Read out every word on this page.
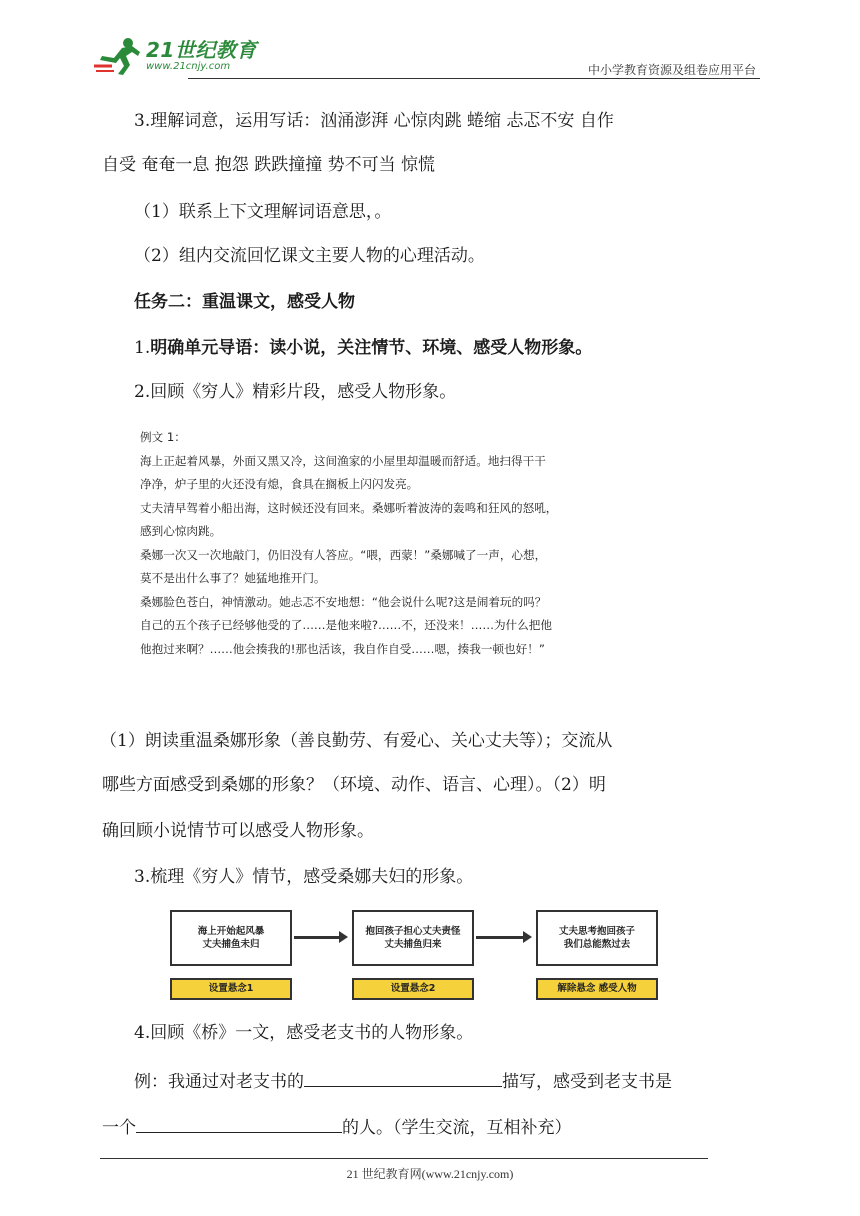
21世纪教育
www.21cnjy.com	中小学教育资源及组卷应用平台
3.理解词意，运用写话：汹涌澎湃 心惊肉跳 蜷缩 忐忑不安 自作
自受 奄奄一息 抱怨 跌跌撞撞 势不可当 惊慌
（1）联系上下文理解词语意思，。
（2）组内交流回忆课文主要人物的心理活动。
任务二：重温课文，感受人物
1.明确单元导语：读小说，关注情节、环境、感受人物形象。
2.回顾《穷人》精彩片段，感受人物形象。
例文 1：
海上正起着风暴，外面又黑又冷，这间渔家的小屋里却温暖而舒适。地扫得干干
净净，炉子里的火还没有熄，食具在搁板上闪闪发亮。
丈夫清早驾着小船出海，这时候还没有回来。桑娜听着波涛的轰鸣和狂风的怒吼，
感到心惊肉跳。
桑娜一次又一次地敲门，仍旧没有人答应。“喂，西蒙！”桑娜喊了一声，心想，
莫不是出什么事了？她猛地推开门。
桑娜脸色苍白，神情激动。她忐忑不安地想：“他会说什么呢?这是闹着玩的吗？
自己的五个孩子已经够他受的了……是他来啦?……不，还没来！……为什么把他
他抱过来啊？……他会揍我的!那也活该，我自作自受……嗯，揍我一顿也好！”
（1）朗读重温桑娜形象（善良勤劳、有爱心、关心丈夫等）；交流从
哪些方面感受到桑娜的形象？（环境、动作、语言、心理）。（2）明
确回顾小说情节可以感受人物形象。
3.梳理《穷人》情节，感受桑娜夫妇的形象。
海上开始起风暴
丈夫捕鱼未归
抱回孩子担心丈夫责怪
丈夫捕鱼归来
丈夫思考抱回孩子
我们总能熬过去
设置悬念1	设置悬念2	解除悬念 感受人物
4.回顾《桥》一文，感受老支书的人物形象。
例：我通过对老支书的	描写，感受到老支书是
一个	的人。（学生交流，互相补充）
21 世纪教育网(www.21cnjy.com)
